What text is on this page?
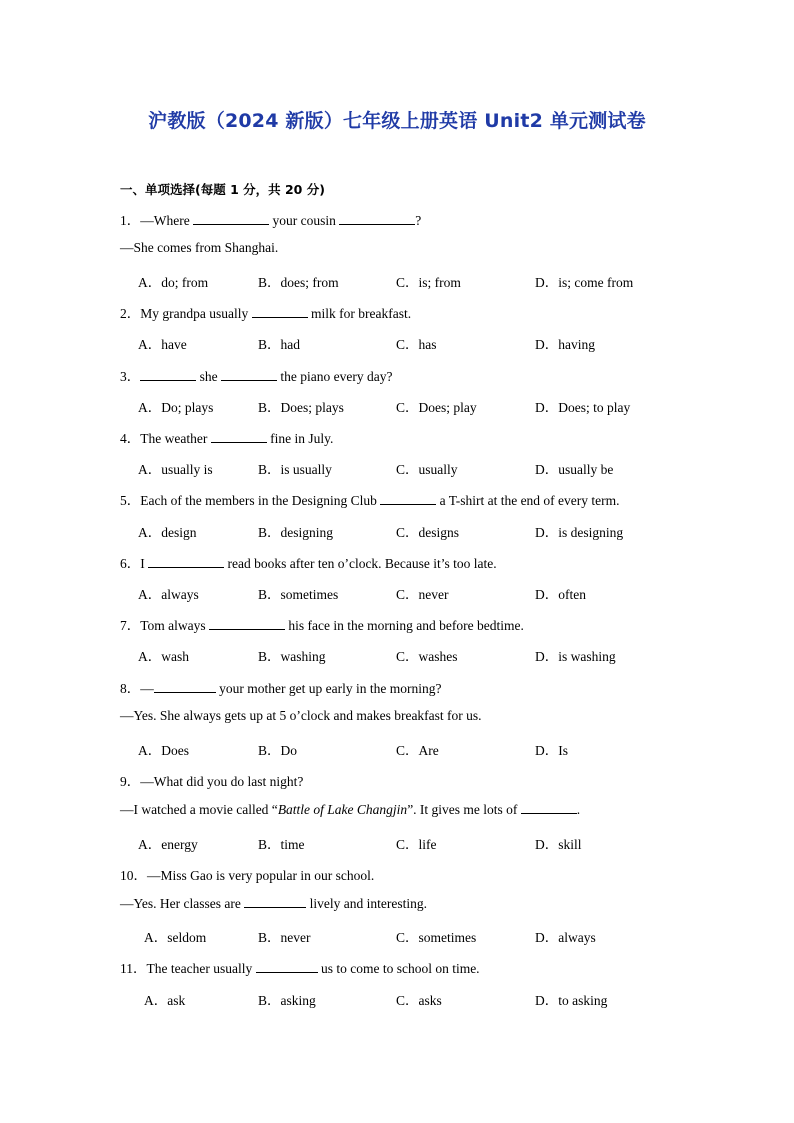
沪教版（2024 新版）七年级上册英语 Unit2 单元测试卷
一、单项选择(每题 1 分，共 20 分)
1．—Where	your cousin	?
—She comes from Shanghai.
A．do; from	B．does; from	C．is; from	D．is; come from
2．My grandpa usually	milk for breakfast.
A．have	B．had	C．has	D．having
3．	she	the piano every day?
A．Do; plays	B．Does; plays	C．Does; play	D．Does; to play
4．The weather	fine in July.
A．usually is	B．is usually	C．usually	D．usually be
5．Each of the members in the Designing Club	a T-shirt at the end of every term.
A．design	B．designing	C．designs	D．is designing
6．I	read books after ten o’clock. Because it’s too late.
A．always	B．sometimes	C．never	D．often
7．Tom always	his face in the morning and before bedtime.
A．wash	B．washing	C．washes	D．is washing
8．—	your mother get up early in the morning?
—Yes. She always gets up at 5 o’clock and makes breakfast for us.
A．Does	B．Do	C．Are	D．Is
9．—What did you do last night?
—I watched a movie called “Battle of Lake Changjin”. It gives me lots of	.
A．energy	B．time	C．life	D．skill
10．—Miss Gao is very popular in our school.
—Yes. Her classes are	lively and interesting.
A．seldom	B．never	C．sometimes	D．always
11．The teacher usually	us to come to school on time.
A．ask	B．asking	C．asks	D．to asking
